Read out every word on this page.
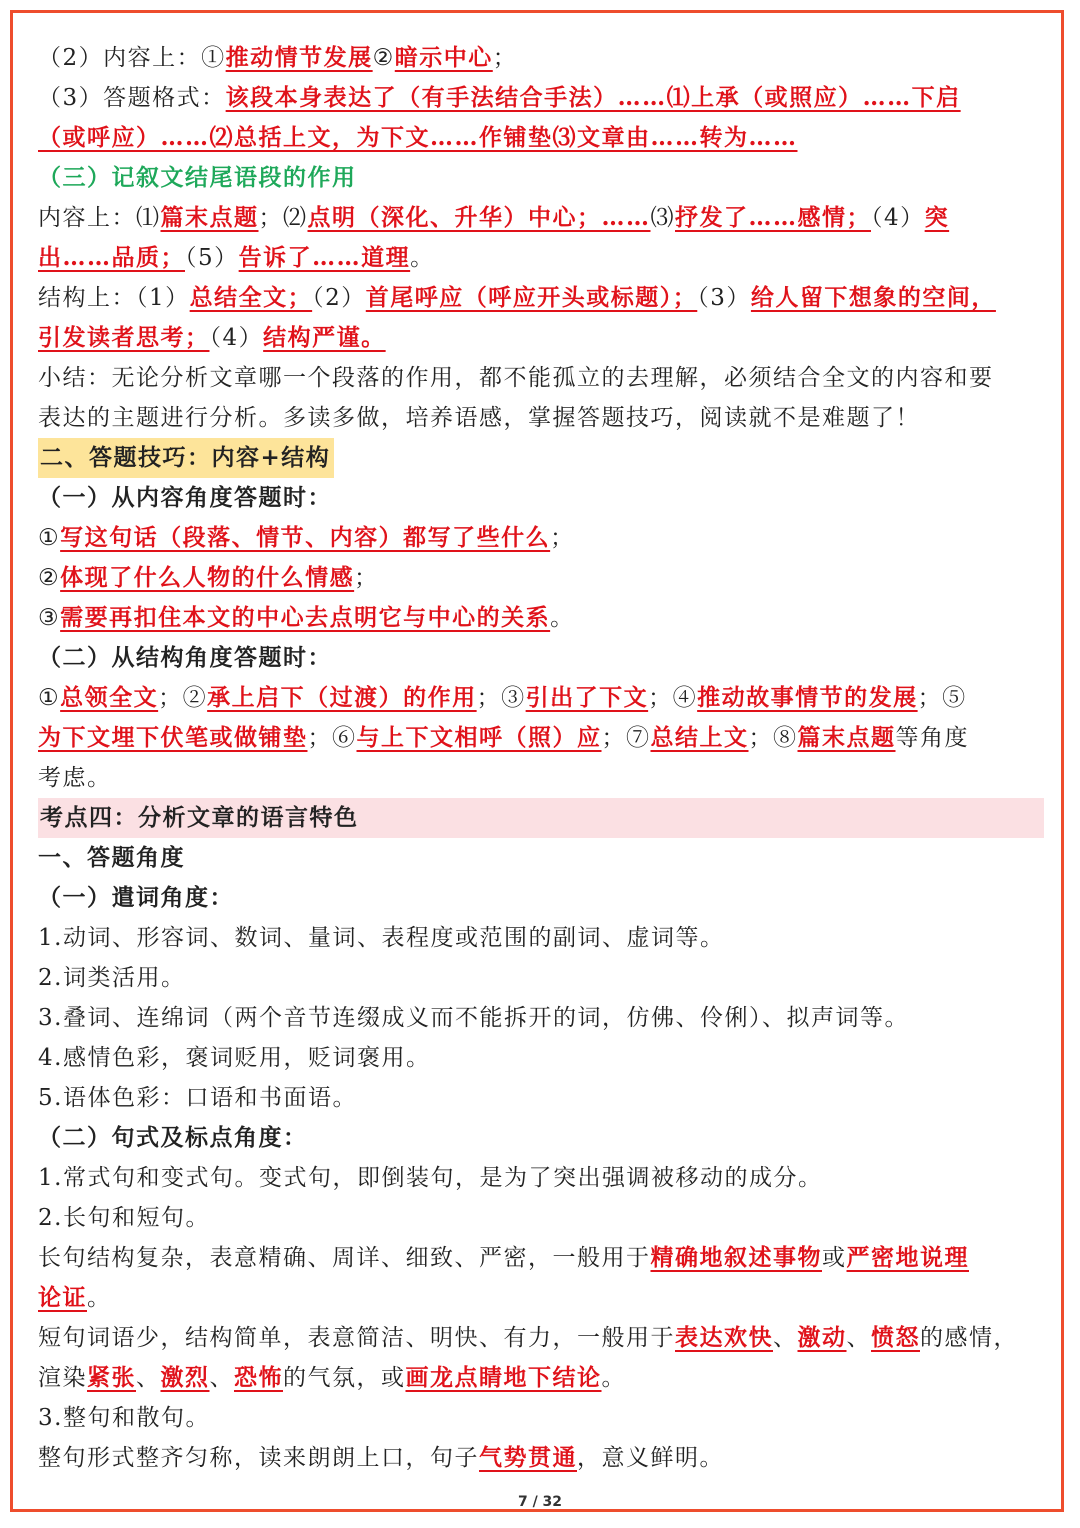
（2）内容上：①推动情节发展②暗示中心；
（3）答题格式：该段本身表达了（有手法结合手法）……⑴上承（或照应）……下启
（或呼应）……⑵总括上文，为下文……作铺垫⑶文章由……转为……
（三）记叙文结尾语段的作用
内容上：⑴篇末点题；⑵点明（深化、升华）中心；……⑶抒发了……感情；（4）突
出……品质；（5）告诉了……道理。
结构上：（1）总结全文；（2）首尾呼应（呼应开头或标题）；（3）给人留下想象的空间，
引发读者思考；（4）结构严谨。
小结：无论分析文章哪一个段落的作用，都不能孤立的去理解，必须结合全文的内容和要
表达的主题进行分析。多读多做，培养语感，掌握答题技巧，阅读就不是难题了！
二、答题技巧：内容+结构
（一）从内容角度答题时：
①写这句话（段落、情节、内容）都写了些什么；
②体现了什么人物的什么情感；
③需要再扣住本文的中心去点明它与中心的关系。
（二）从结构角度答题时：
①总领全文；②承上启下（过渡）的作用；③引出了下文；④推动故事情节的发展；⑤
为下文埋下伏笔或做铺垫；⑥与上下文相呼（照）应；⑦总结上文；⑧篇末点题等角度
考虑。
考点四：分析文章的语言特色
一、答题角度
（一）遣词角度：
1.动词、形容词、数词、量词、表程度或范围的副词、虚词等。
2.词类活用。
3.叠词、连绵词（两个音节连缀成义而不能拆开的词，仿佛、伶俐）、拟声词等。
4.感情色彩，褒词贬用，贬词褒用。
5.语体色彩：口语和书面语。
（二）句式及标点角度：
1.常式句和变式句。变式句，即倒装句，是为了突出强调被移动的成分。
2.长句和短句。
长句结构复杂，表意精确、周详、细致、严密，一般用于精确地叙述事物或严密地说理
论证。
短句词语少，结构简单，表意简洁、明快、有力，一般用于表达欢快、激动、愤怒的感情，
渲染紧张、激烈、恐怖的气氛，或画龙点睛地下结论。
3.整句和散句。
整句形式整齐匀称，读来朗朗上口，句子气势贯通，意义鲜明。
7 / 32
